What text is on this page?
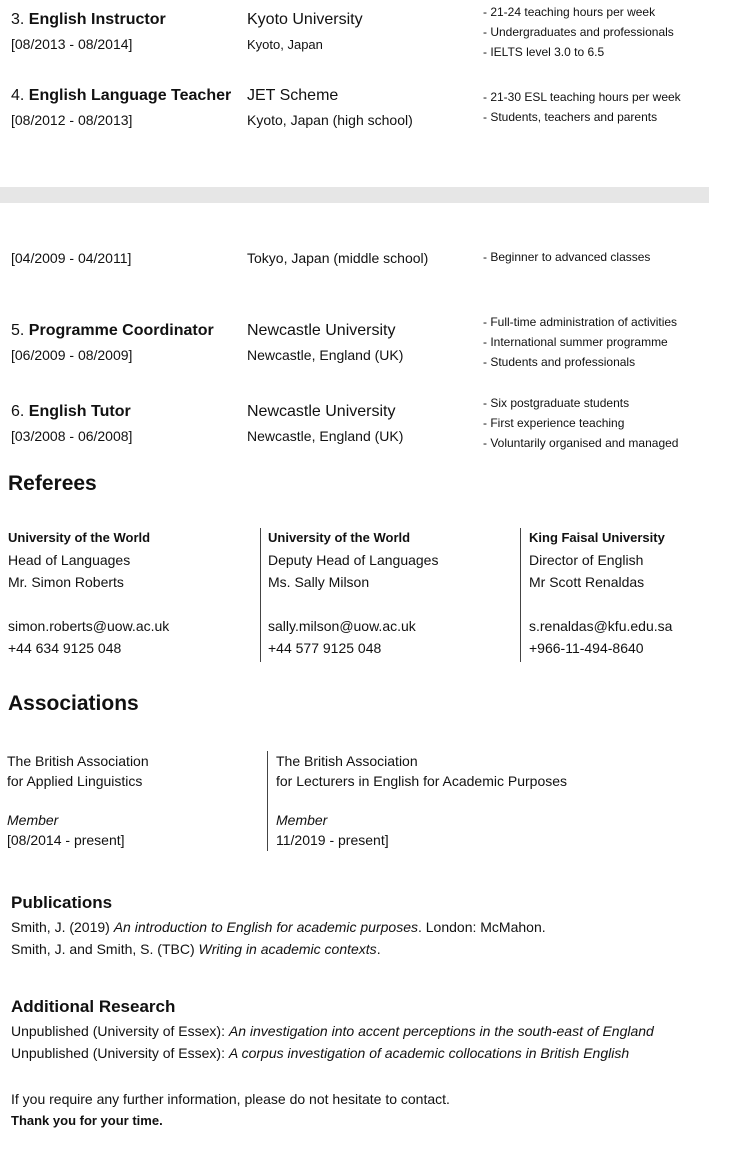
3. English Instructor
[08/2013 - 08/2014]
Kyoto University
Kyoto, Japan
- 21-24 teaching hours per week
- Undergraduates and professionals
- IELTS level 3.0 to 6.5
4. English Language Teacher
[08/2012 - 08/2013]
JET Scheme
Kyoto, Japan (high school)
- 21-30 ESL teaching hours per week
- Students, teachers and parents
[04/2009 - 04/2011]	Tokyo, Japan (middle school)	- Beginner to advanced classes
5. Programme Coordinator
[06/2009 - 08/2009]
Newcastle University
Newcastle, England (UK)
- Full-time administration of activities
- International summer programme
- Students and professionals
6. English Tutor
[03/2008 - 06/2008]
Newcastle University
Newcastle, England (UK)
- Six postgraduate students
- First experience teaching
- Voluntarily organised and managed
Referees
University of the World
Head of Languages
Mr. Simon Roberts
simon.roberts@uow.ac.uk
+44 634 9125 048
University of the World
Deputy Head of Languages
Ms. Sally Milson
sally.milson@uow.ac.uk
+44 577 9125 048
King Faisal University
Director of English
Mr Scott Renaldas
s.renaldas@kfu.edu.sa
+966-11-494-8640
Associations
The British Association
for Applied Linguistics
Member
[08/2014 - present]
The British Association
for Lecturers in English for Academic Purposes
Member
11/2019 - present]
Publications
Smith, J. (2019) An introduction to English for academic purposes. London: McMahon.
Smith, J. and Smith, S. (TBC) Writing in academic contexts.
Additional Research
Unpublished (University of Essex): An investigation into accent perceptions in the south-east of England
Unpublished (University of Essex): A corpus investigation of academic collocations in British English
If you require any further information, please do not hesitate to contact.
Thank you for your time.
